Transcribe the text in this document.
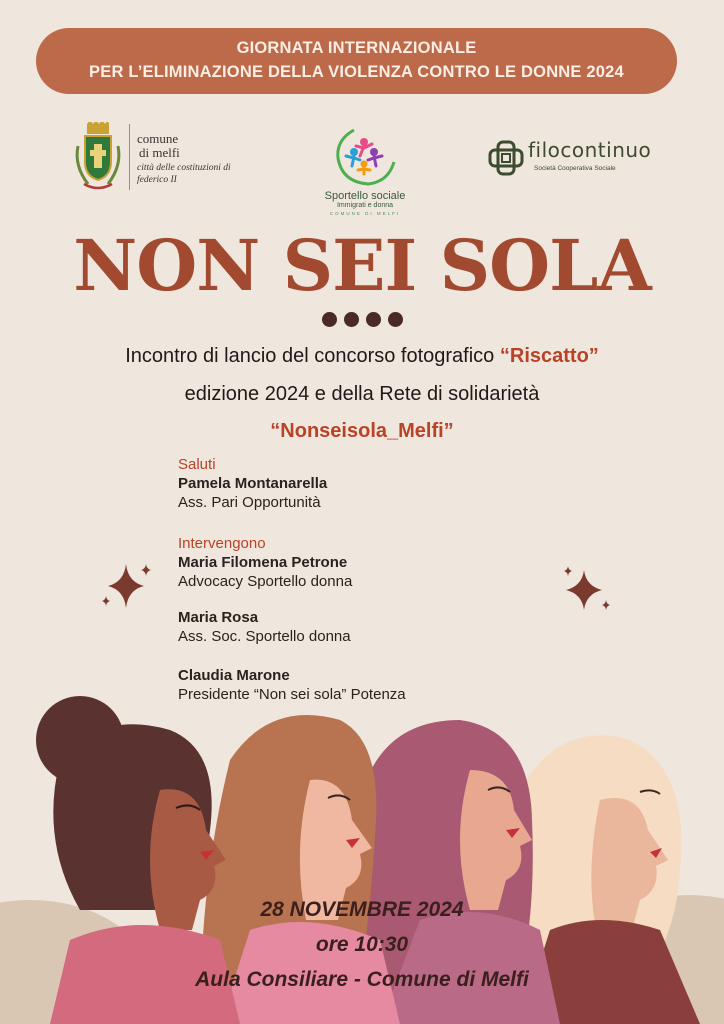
GIORNATA INTERNAZIONALE
PER L’ELIMINAZIONE DELLA VIOLENZA CONTRO LE DONNE 2024
comune
di melfi
città delle costituzioni di federico II
Sportello sociale
Immigrati e donna
COMUNE DI MELFI
filocontinuo
Società Cooperativa Sociale
NON SEI SOLA
Incontro di lancio del concorso fotografico “Riscatto”
edizione 2024 e della Rete di solidarietà
“Nonseisola_Melfi”
Saluti
Pamela Montanarella
Ass. Pari Opportunità
Intervengono
Maria Filomena Petrone
Advocacy Sportello donna
Maria Rosa
Ass. Soc. Sportello donna
Claudia Marone
Presidente “Non sei sola” Potenza
28 NOVEMBRE 2024
ore 10:30
Aula Consiliare - Comune di Melfi
